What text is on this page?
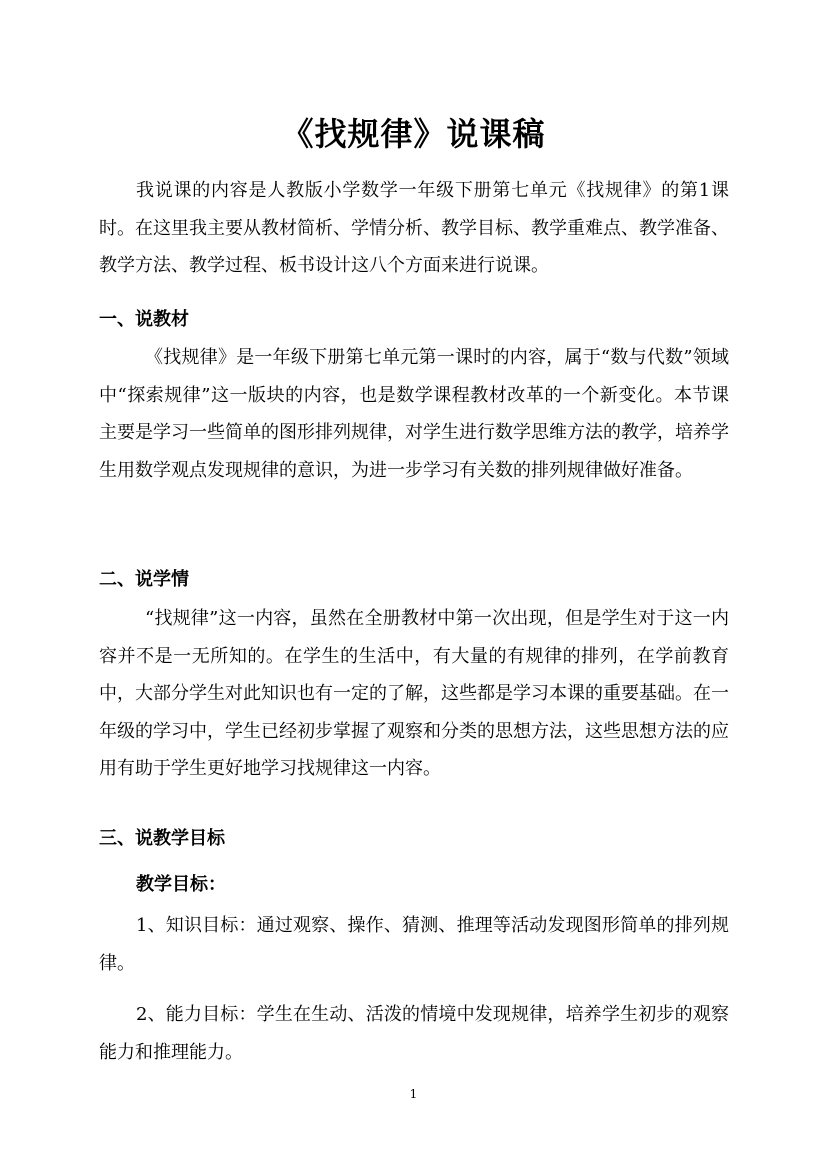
《找规律》说课稿

我说课的内容是人教版小学数学一年级下册第七单元《找规律》的第1课时。在这里我主要从教材简析、学情分析、教学目标、教学重难点、教学准备、教学方法、教学过程、板书设计这八个方面来进行说课。

一、说教材

《找规律》是一年级下册第七单元第一课时的内容，属于“数与代数”领域中“探索规律”这一版块的内容，也是数学课程教材改革的一个新变化。本节课主要是学习一些简单的图形排列规律，对学生进行数学思维方法的教学，培养学生用数学观点发现规律的意识，为进一步学习有关数的排列规律做好准备。

二、说学情

“找规律”这一内容，虽然在全册教材中第一次出现，但是学生对于这一内容并不是一无所知的。在学生的生活中，有大量的有规律的排列，在学前教育中，大部分学生对此知识也有一定的了解，这些都是学习本课的重要基础。在一年级的学习中，学生已经初步掌握了观察和分类的思想方法，这些思想方法的应用有助于学生更好地学习找规律这一内容。

三、说教学目标
教学目标：

1、知识目标：通过观察、操作、猜测、推理等活动发现图形简单的排列规律。

2、能力目标：学生在生动、活泼的情境中发现规律，培养学生初步的观察能力和推理能力。

1
